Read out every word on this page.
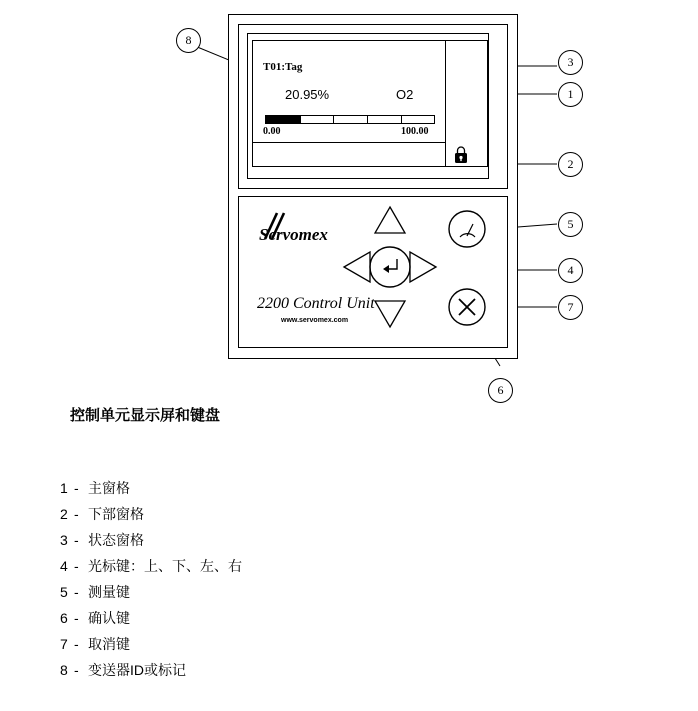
T01:Tag
20.95%	O2
0.00	100.00
Servomex
2200 Control Unit
www.servomex.com
1
2
3
4
5
6
7
8
控制单元显示屏和键盘
1 - 主窗格
2 - 下部窗格
3 - 状态窗格
4 - 光标键：上、下、左、右
5 - 测量键
6 - 确认键
7 - 取消键
8 - 变送器ID或标记
